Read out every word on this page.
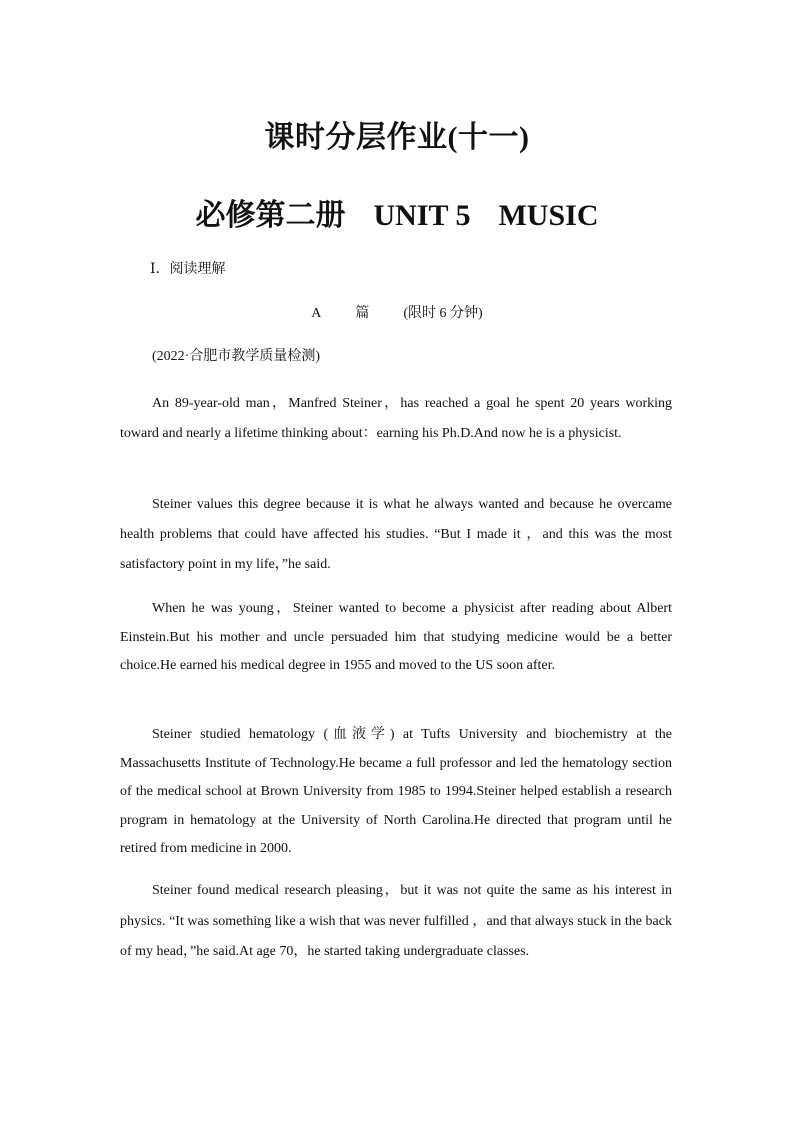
课时分层作业(十一)
必修第二册 UNIT 5 MUSIC
Ⅰ．阅读理解
A 篇 (限时 6 分钟)
(2022·合肥市教学质量检测)

An 89-year-old man，Manfred Steiner，has reached a goal he spent 20 years working toward and nearly a lifetime thinking about：earning his Ph.D.And now he is a physicist.

Steiner values this degree because it is what he always wanted and because he overcame health problems that could have affected his studies. “But I made it ，and this was the most satisfactory point in my life，”he said.

When he was young，Steiner wanted to become a physicist after reading about Albert Einstein.But his mother and uncle persuaded him that studying medicine would be a better choice.He earned his medical degree in 1955 and moved to the US soon after.

Steiner studied hematology (血液学) at Tufts University and biochemistry at the Massachusetts Institute of Technology.He became a full professor and led the hematology section of the medical school at Brown University from 1985 to 1994.Steiner helped establish a research program in hematology at the University of North Carolina.He directed that program until he retired from medicine in 2000.

Steiner found medical research pleasing，but it was not quite the same as his interest in physics. “It was something like a wish that was never fulfilled ，and that always stuck in the back of my head，”he said.At age 70，he started taking undergraduate classes.
